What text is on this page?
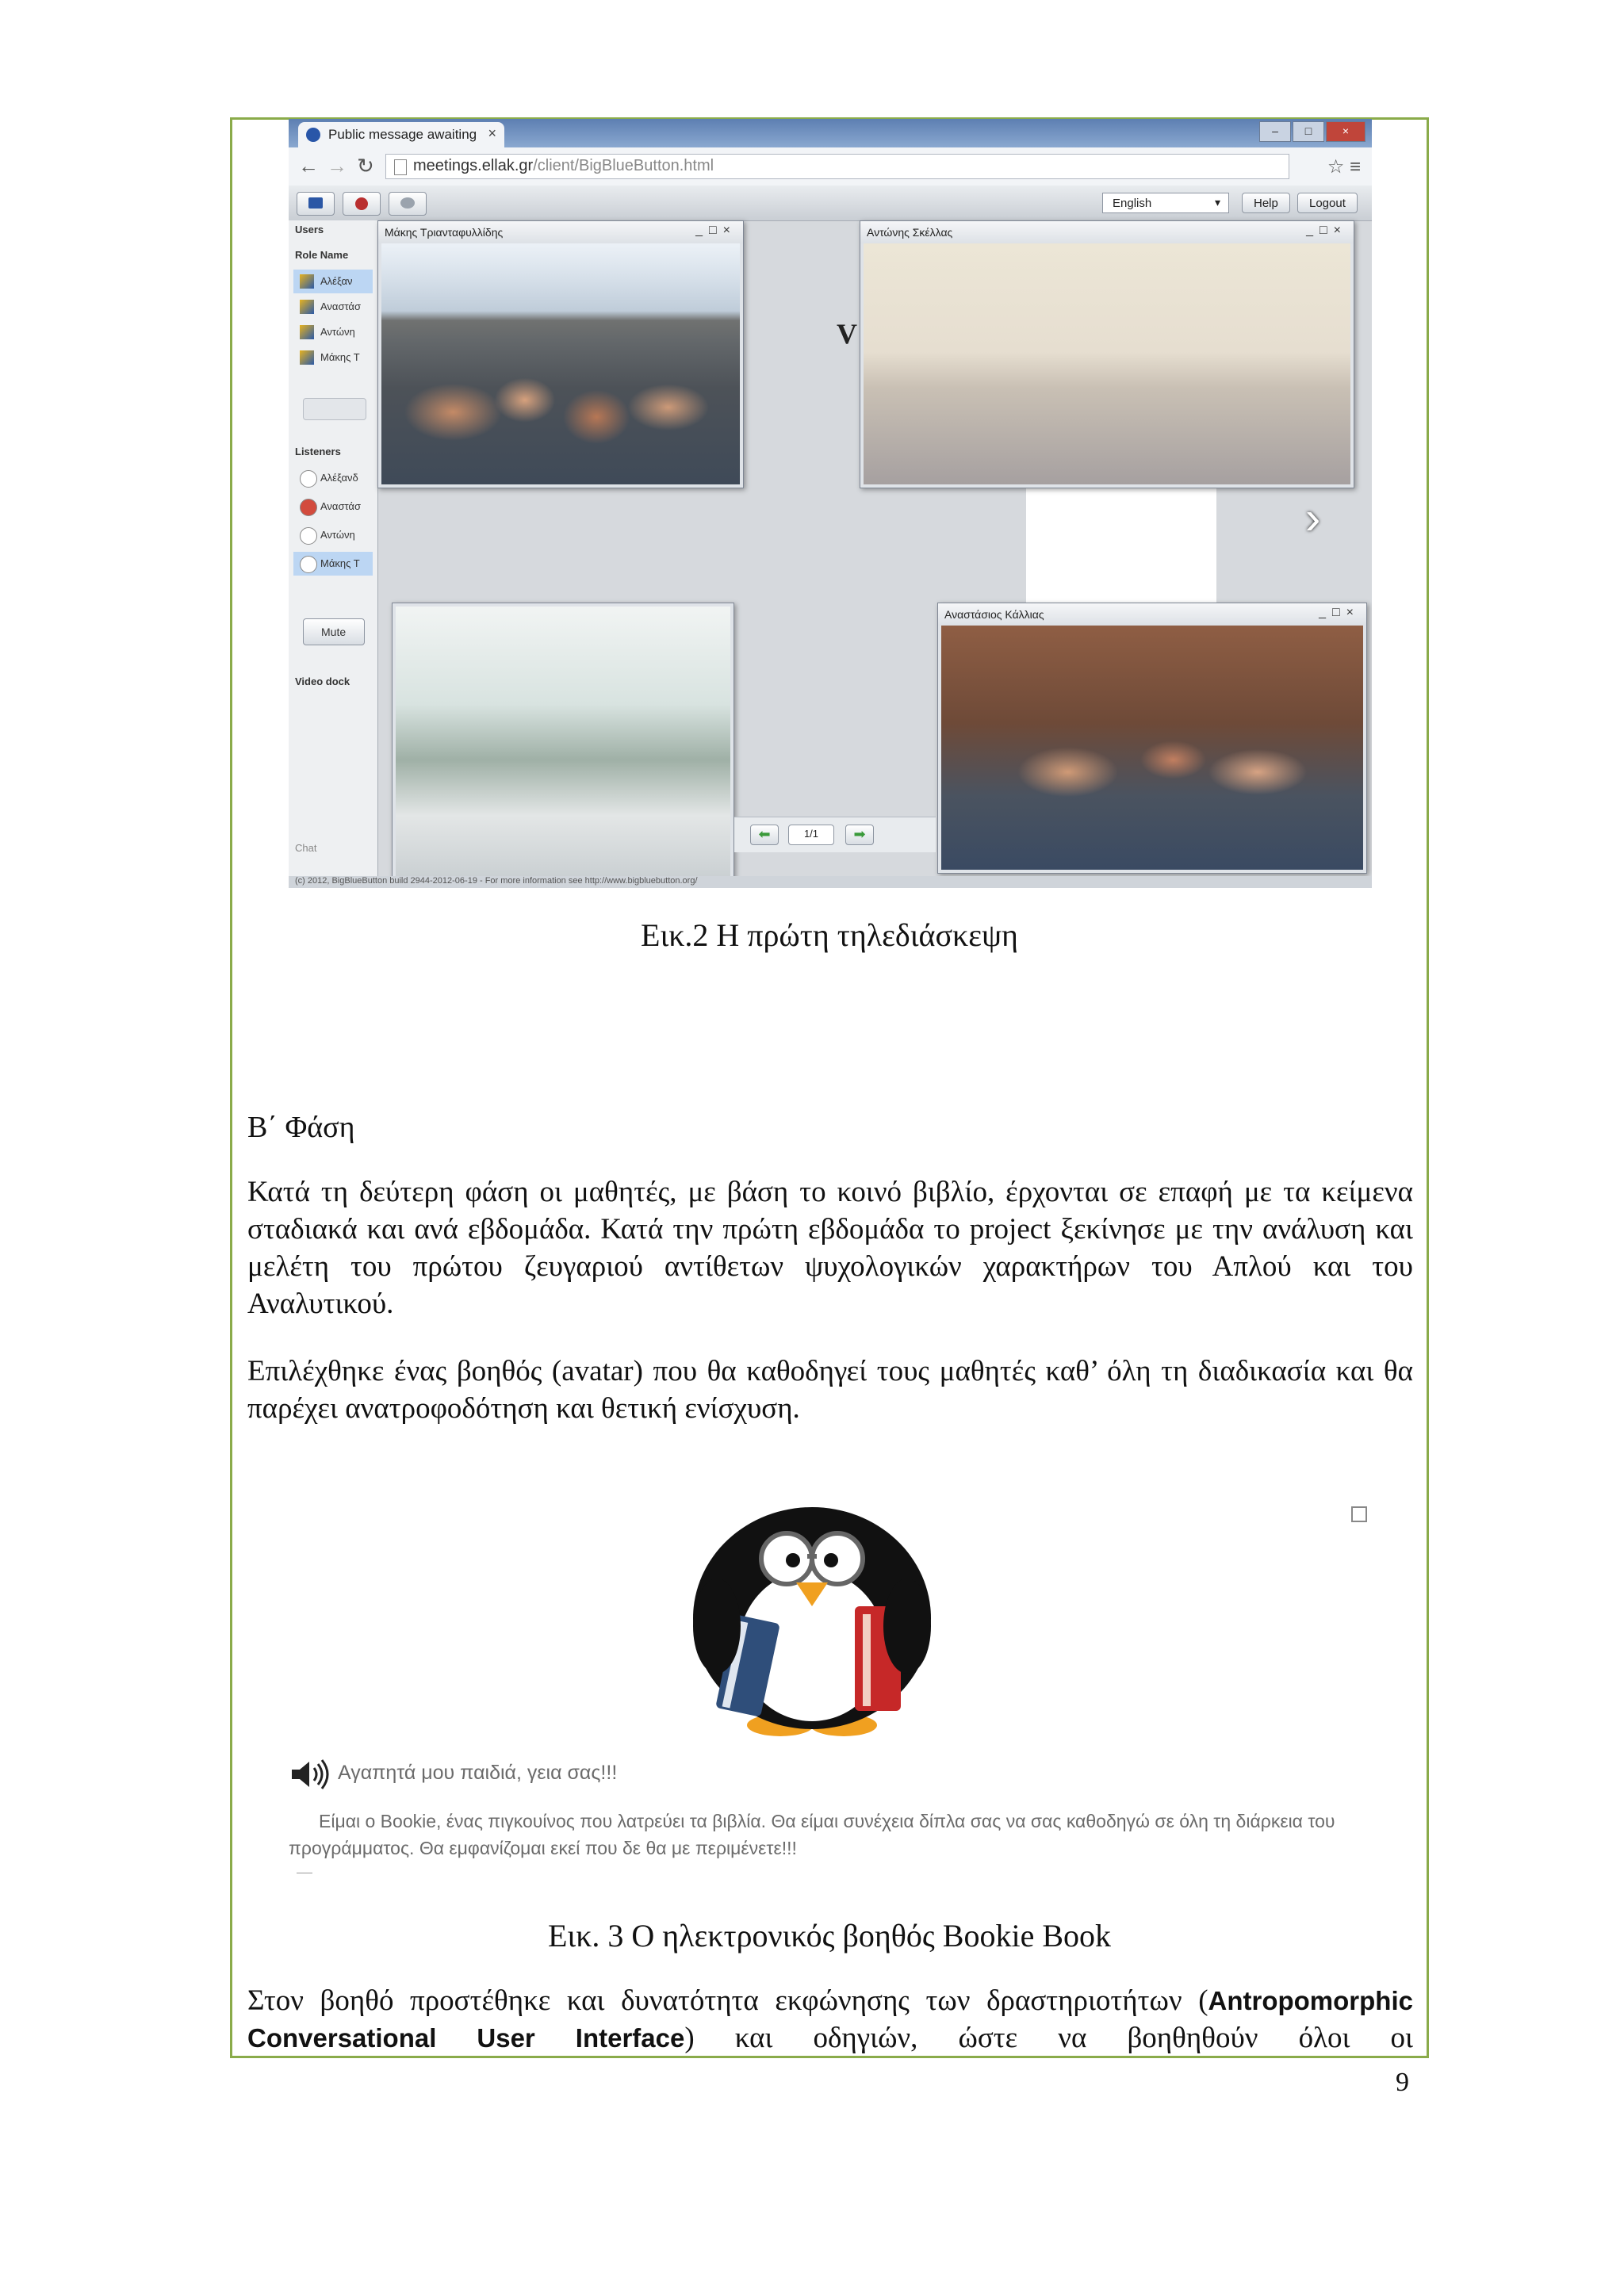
Public message awaiting ×	–	□	×
← → ↻	meetings.ellak.gr/client/BigBlueButton.html	☆ ≡
English ▾	Help	Logout
Users
Role Name
Αλέξαν
Αναστάσ
Αντώνη
Μάκης Τ
Listeners
Αλέξανδ
Αναστάσ
Αντώνη
Μάκης Τ
Mute
Video dock
Chat
V
Μάκης Τριανταφυλλίδης	_□×	Αντώνης Σκέλλας	_□×
Αναστάσιος Κάλλιας	_□×
›
⬅	1/1	➡
(c) 2012, BigBlueButton build 2944-2012-06-19 - For more information see http://www.bigbluebutton.org/
Εικ.2 Η πρώτη τηλεδιάσκεψη
Β΄ Φάση
Κατά τη δεύτερη φάση οι μαθητές, με βάση το κοινό βιβλίο, έρχονται σε επαφή με τα κείμενα σταδιακά και ανά εβδομάδα. Κατά την πρώτη εβδομάδα το project ξεκίνησε με την ανάλυση και μελέτη του πρώτου ζευγαριού αντίθετων ψυχολογικών χαρακτήρων του Απλού και του Αναλυτικού.
Επιλέχθηκε ένας βοηθός (avatar) που θα καθοδηγεί τους μαθητές καθ’ όλη τη διαδικασία και θα παρέχει ανατροφοδότηση και θετική ενίσχυση.
Αγαπητά μου παιδιά, γεια σας!!!
Είμαι ο Bookie, ένας πιγκουίνος που λατρεύει τα βιβλία. Θα είμαι συνέχεια δίπλα σας να σας καθοδηγώ σε όλη τη διάρκεια του προγράμματος. Θα εμφανίζομαι εκεί που δε θα με περιμένετε!!!
Εικ. 3 Ο ηλεκτρονικός βοηθός Bookie Book
Στον βοηθό προστέθηκε και δυνατότητα εκφώνησης των δραστηριοτήτων (Antropomorphic Conversational User Interface) και οδηγιών, ώστε να βοηθηθούν όλοι οι
9
